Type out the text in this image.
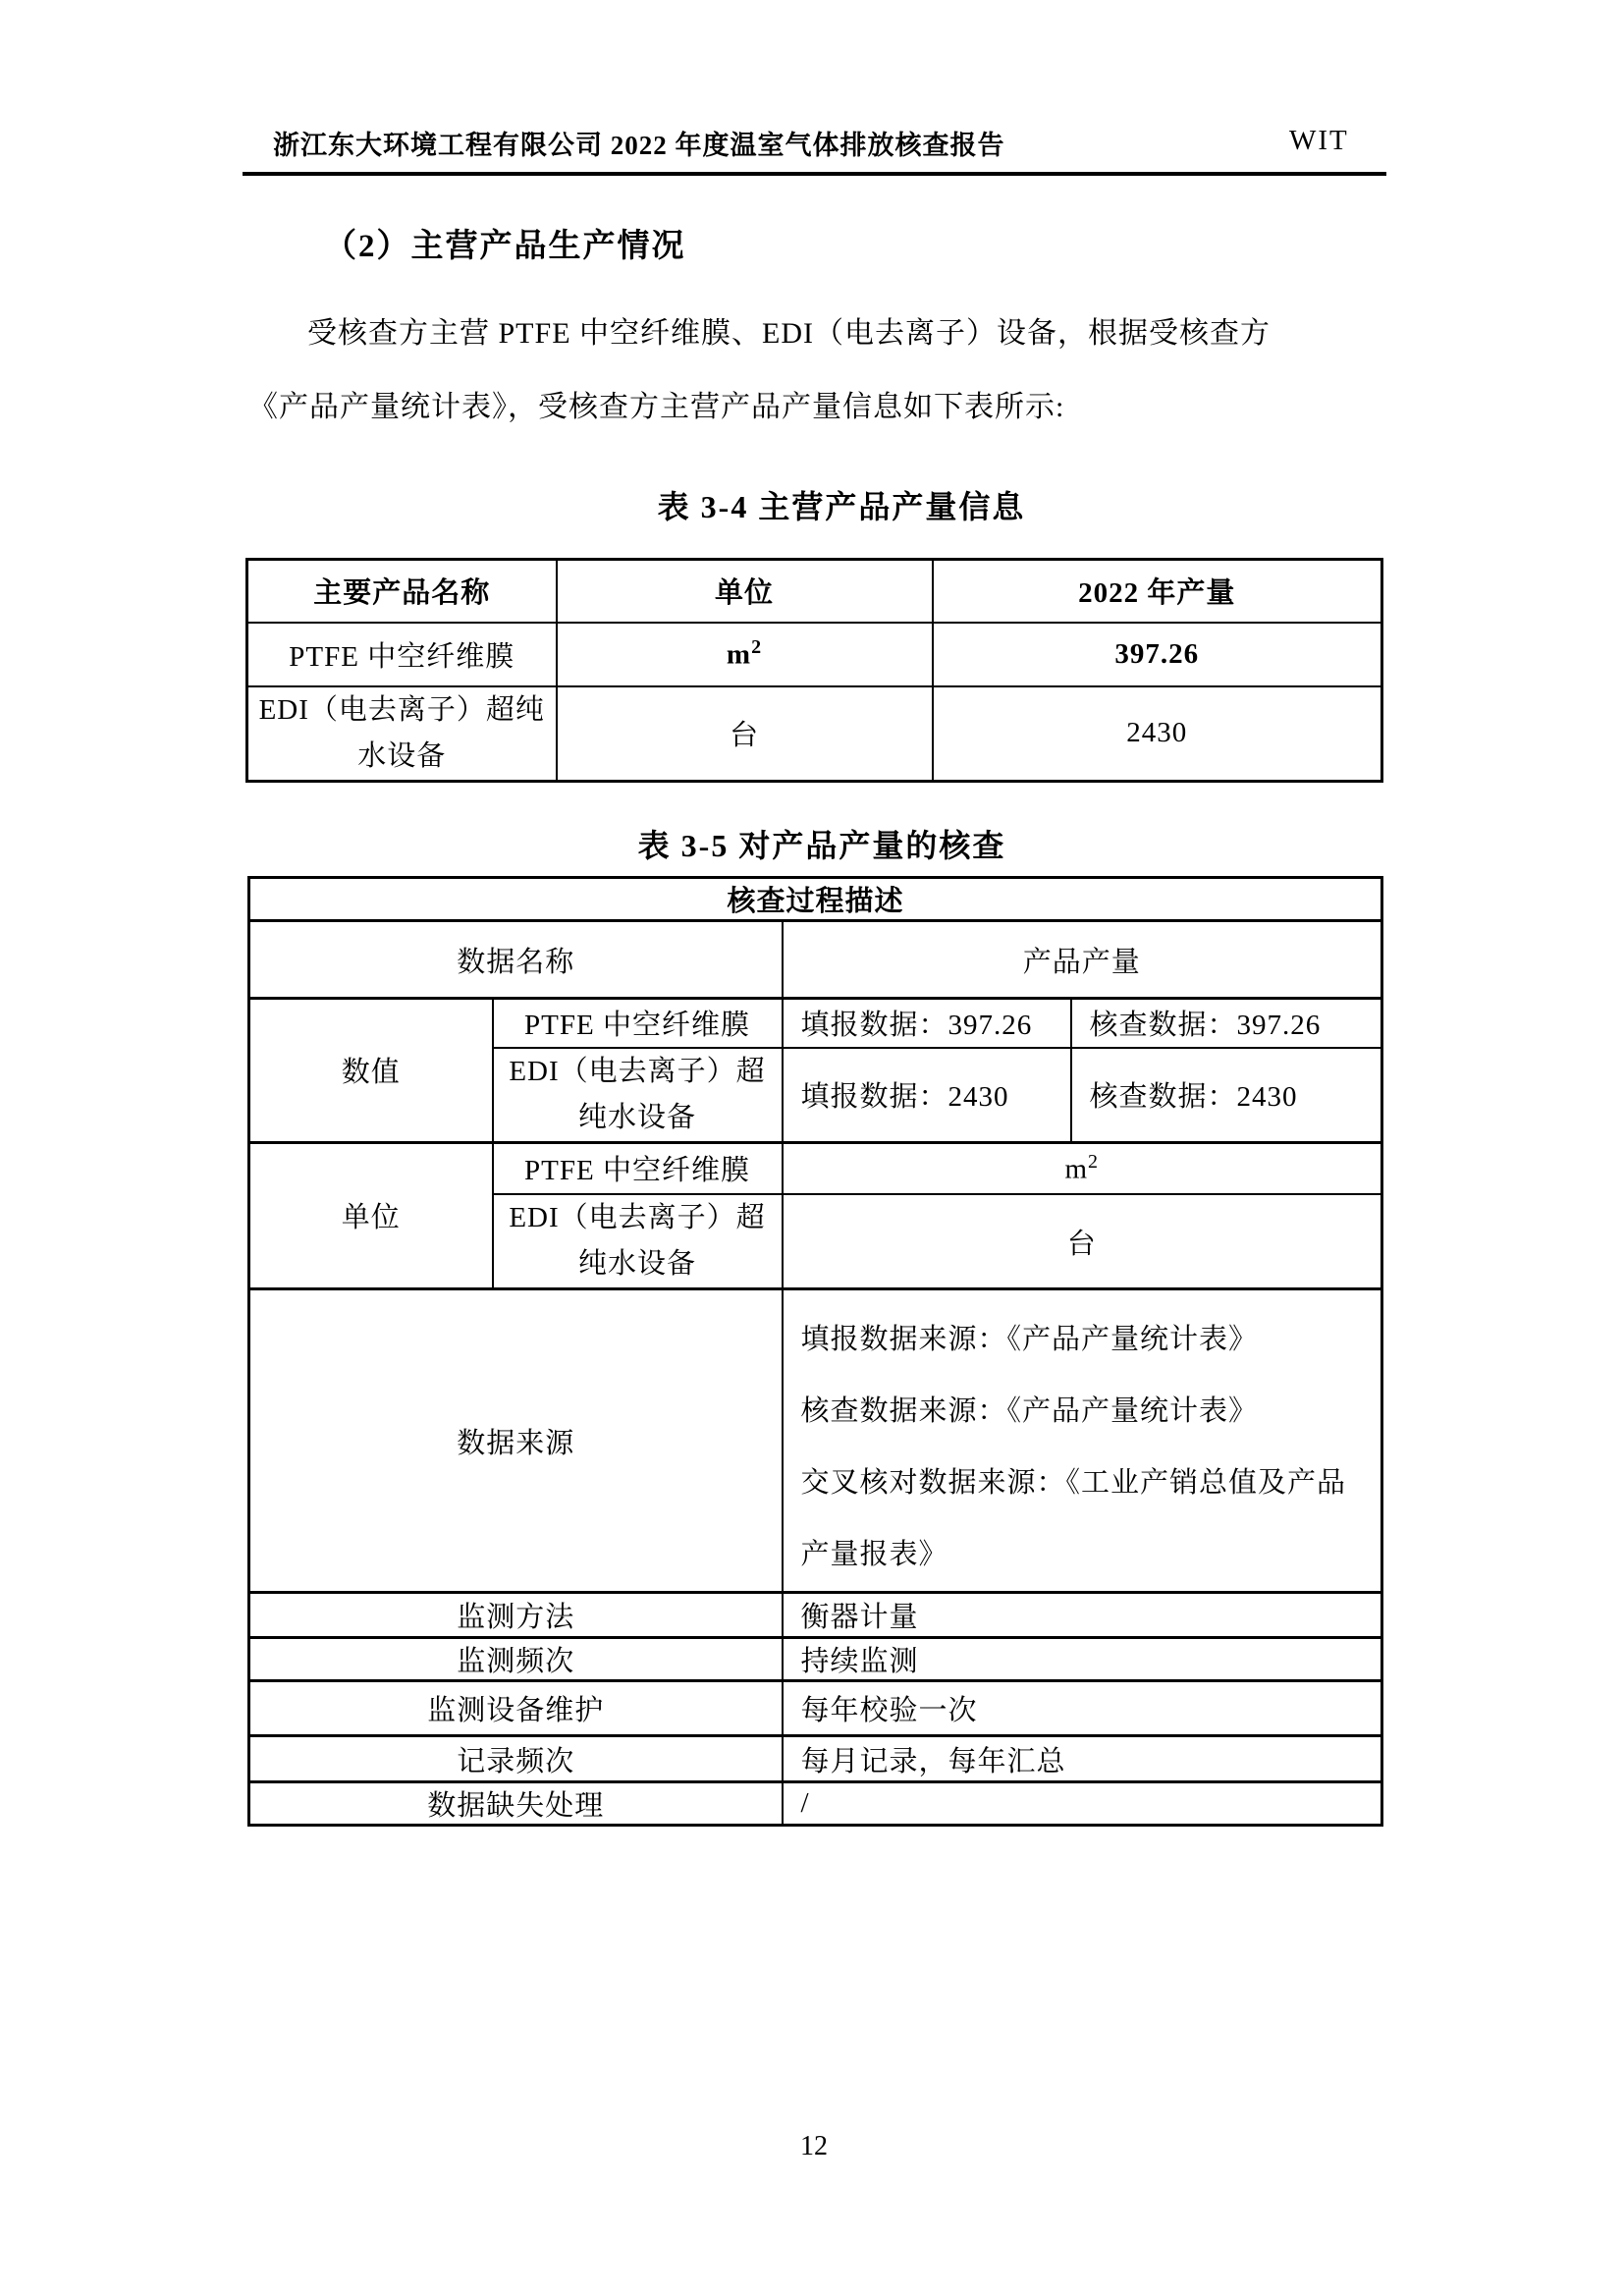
浙江东大环境工程有限公司 2022 年度温室气体排放核查报告	WIT
（2）主营产品生产情况
受核查方主营 PTFE 中空纤维膜、EDI（电去离子）设备，根据受核查方
《产品产量统计表》，受核查方主营产品产量信息如下表所示:
表 3-4 主营产品产量信息
主要产品名称	单位	2022 年产量
PTFE 中空纤维膜	$m^2$	397.26
EDI（电去离子）超纯水设备	台	2430
表 3-5 对产品产量的核查
核查过程描述			
数据名称		产品产量	
数值	PTFE 中空纤维膜	填报数据：397.26	核查数据：397.26
	EDI（电去离子）超纯水设备	填报数据：2430	核查数据：2430
单位	PTFE 中空纤维膜	$m^2$
	EDI（电去离子）超纯水设备	台	
数据来源		填报数据来源：《产品产量统计表》
核查数据来源：《产品产量统计表》
交叉核对数据来源：《工业产销总值及产品产量报表》	

监测方法		衡器计量	
监测频次		持续监测	
监测设备维护		每年校验一次	
记录频次		每月记录，每年汇总	
数据缺失处理		/	
12
